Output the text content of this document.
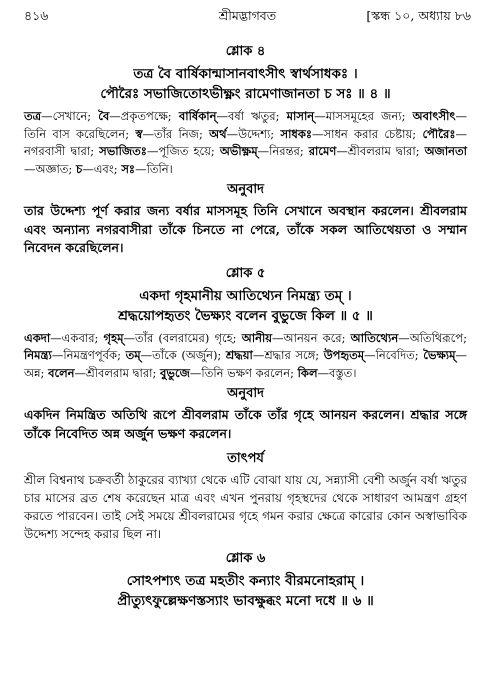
৪১৬	শ্রীমদ্ভাগবত	[স্কন্ধ ১০, অধ্যায় ৮৬
শ্লোক ৪
তত্র বৈ বার্ষিকান্মাসানবাৎসীৎ স্বার্থসাধকঃ ।
পৌরৈঃ সভাজিতোঽভীক্ষ্ণং রামেণাজানতা চ সঃ ॥ ৪ ॥
তত্র—সেখানে; বৈ—প্রকৃতপক্ষে; বার্ষিকান্—বর্ষা ঋতুর; মাসান্—মাসসমূহের জন্য; অবাৎসীৎ—তিনি বাস করেছিলেন; স্ব—তাঁর নিজ; অর্থ—উদ্দেশ্য; সাধকঃ—সাধন করার চেষ্টায়; পৌরৈঃ—নগরবাসী দ্বারা; সভাজিতঃ—পূজিত হয়ে; অভীক্ষ্ণম্—নিরন্তর; রামেণ—শ্রীবলরাম দ্বারা; অজানতা—অজ্ঞাত; চ—এবং; সঃ—তিনি।
অনুবাদ
তার উদ্দেশ্য পূর্ণ করার জন্য বর্ষার মাসসমূহ তিনি সেখানে অবস্থান করলেন। শ্রীবলরাম এবং অন্যান্য নগরবাসীরা তাঁকে চিনতে না পেরে, তাঁকে সকল আতিথেয়তা ও সম্মান নিবেদন করেছিলেন।
শ্লোক ৫
একদা গৃহমানীয় আতিথ্যেন নিমন্ত্র্য তম্ ।
শ্রদ্ধয়োপহৃতং ভৈক্ষ্যং বলেন বুভুজে কিল ॥ ৫ ॥
একদা—একবার; গৃহম্—তাঁর (বলরামের) গৃহে; আনীয়—আনয়ন করে; আতিথ্যেন—অতিথিরূপে; নিমন্ত্র্য—নিমন্ত্রণপূর্বক; তম্—তাঁকে (অর্জুন); শ্রদ্ধয়া—শ্রদ্ধার সঙ্গে; উপহৃতম্—নিবেদিত; ভৈক্ষ্যম্—অন্ন; বলেন—শ্রীবলরাম দ্বারা; বুভুজে—তিনি ভক্ষণ করলেন; কিল—বস্তুত।
অনুবাদ
একদিন নিমন্ত্রিত অতিথি রূপে শ্রীবলরাম তাঁকে তাঁর গৃহে আনয়ন করলেন। শ্রদ্ধার সঙ্গে তাঁকে নিবেদিত অন্ন অর্জুন ভক্ষণ করলেন।
তাৎপর্য
শ্রীল বিশ্বনাথ চক্রবর্তী ঠাকুরের ব্যাখ্যা থেকে এটি বোঝা যায় যে, সন্ন্যাসী বেশী অর্জুন বর্ষা ঋতুর চার মাসের ব্রত শেষ করেছেন মাত্র এবং এখন পুনরায় গৃহস্থদের থেকে সাধারণ আমন্ত্রণ গ্রহণ করতে পারবেন। তাই সেই সময়ে শ্রীবলরামের গৃহে গমন করার ক্ষেত্রে কারোর কোন অস্বাভাবিক উদ্দেশ্য সন্দেহ করার ছিল না।
শ্লোক ৬
সোঽপশ্যৎ তত্র মহতীং কন্যাং বীরমনোহরাম্ ।
প্রীত্যুৎফুল্লেক্ষণস্তস্যাং ভাবক্ষুব্ধং মনো দধে ॥ ৬ ॥
